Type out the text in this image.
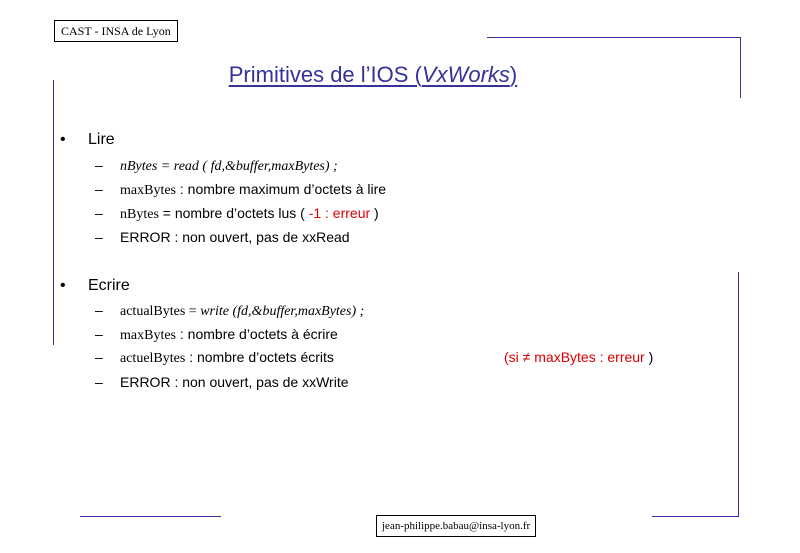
CAST - INSA de Lyon
Primitives de l’IOS (VxWorks)
• Lire
– nBytes = read ( fd,&buffer,maxBytes) ;
– maxBytes : nombre maximum d’octets à lire
– nBytes = nombre d’octets lus ( -1 : erreur )
– ERROR : non ouvert, pas de xxRead
• Ecrire
– actualBytes = write (fd,&buffer,maxBytes) ;
– maxBytes : nombre d’octets à écrire
– actuelBytes : nombre d’octets écrits	(si ≠ maxBytes : erreur )
– ERROR : non ouvert, pas de xxWrite
jean-philippe.babau@insa-lyon.fr
